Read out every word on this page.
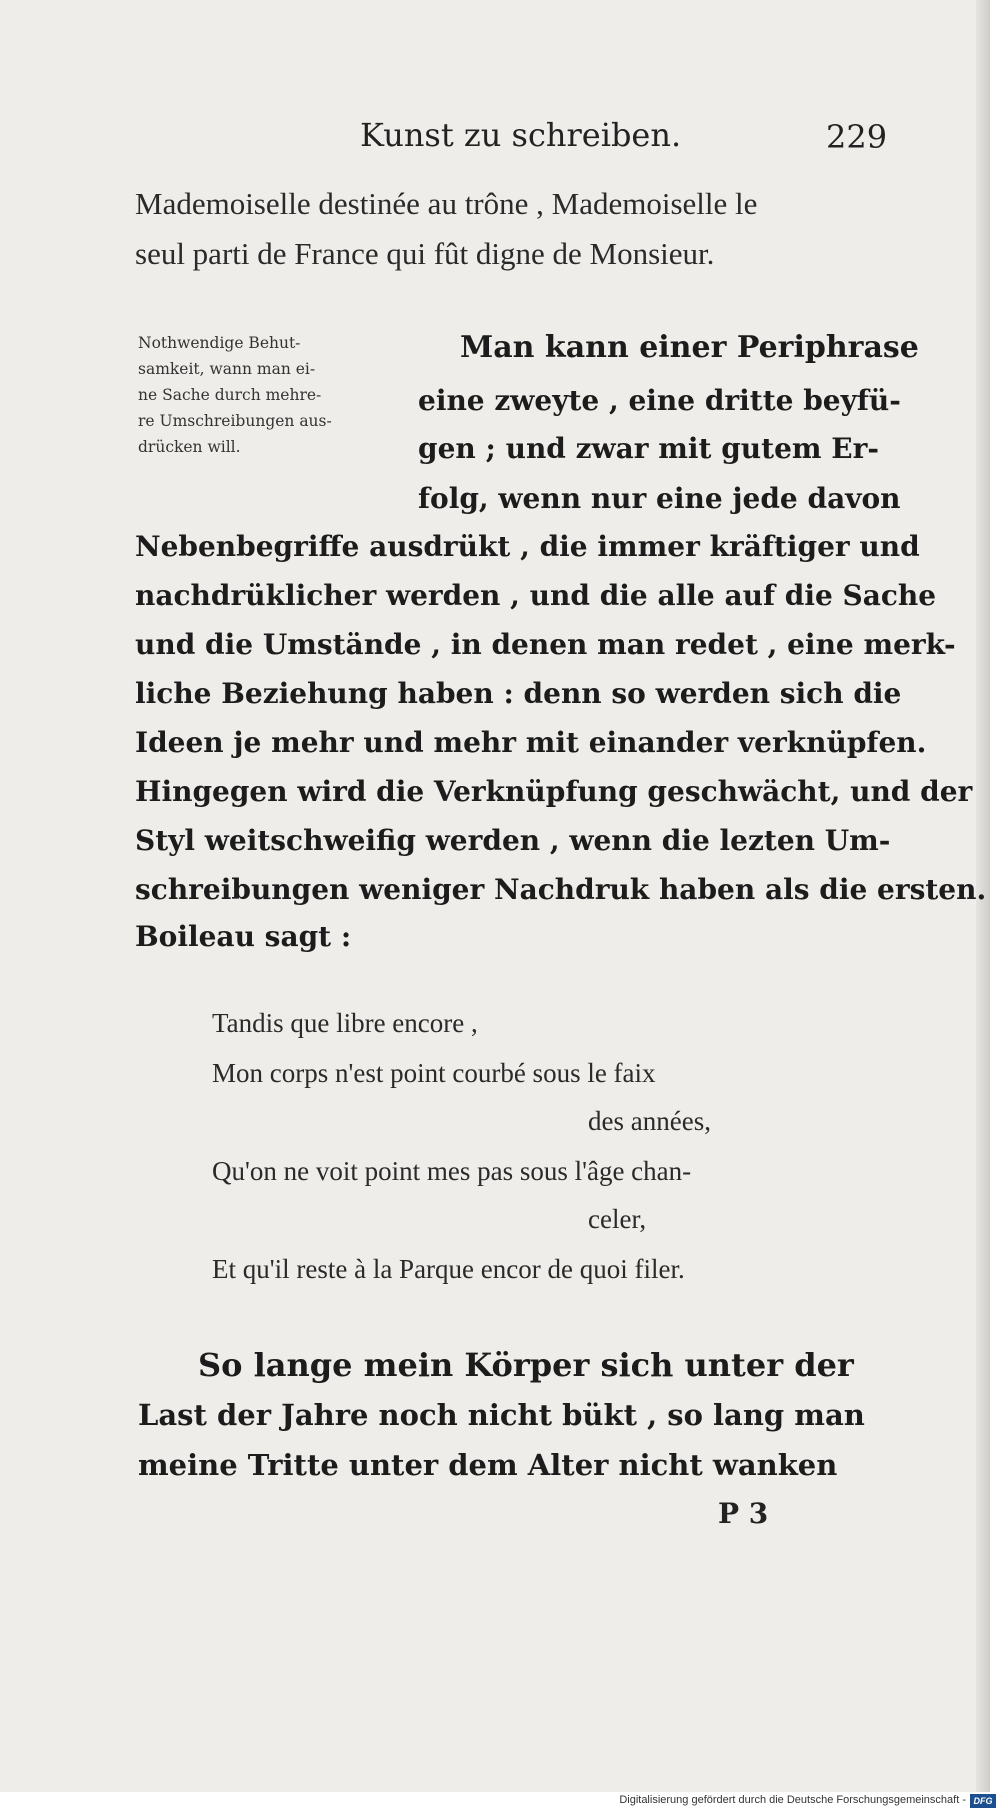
Kunst zu schreiben.	229
Mademoiselle destinée au trône , Mademoiselle le
seul parti de France qui fût digne de Monsieur.
Nothwendige Behut-
samkeit, wann man ei-
ne Sache durch mehre-
re Umschreibungen aus-
drücken will.
Man kann einer Periphrase
eine zweyte , eine dritte beyfü-
gen ; und zwar mit gutem Er-
folg, wenn nur eine jede davon
Nebenbegriffe ausdrükt , die immer kräftiger und
nachdrüklicher werden , und die alle auf die Sache
und die Umstände , in denen man redet , eine merk-
liche Beziehung haben : denn so werden sich die
Ideen je mehr und mehr mit einander verknüpfen.
Hingegen wird die Verknüpfung geschwächt, und der
Styl weitschweifig werden , wenn die lezten Um-
schreibungen weniger Nachdruk haben als die ersten.
Boileau sagt :
Tandis que libre encore ,
Mon corps n'est point courbé sous le faix
des années,
Qu'on ne voit point mes pas sous l'âge chan-
celer,
Et qu'il reste à la Parque encor de quoi filer.
So lange mein Körper sich unter der
Last der Jahre noch nicht bükt , so lang man
meine Tritte unter dem Alter nicht wanken
P 3
Digitalisierung gefördert durch die Deutsche Forschungsgemeinschaft - DFG
